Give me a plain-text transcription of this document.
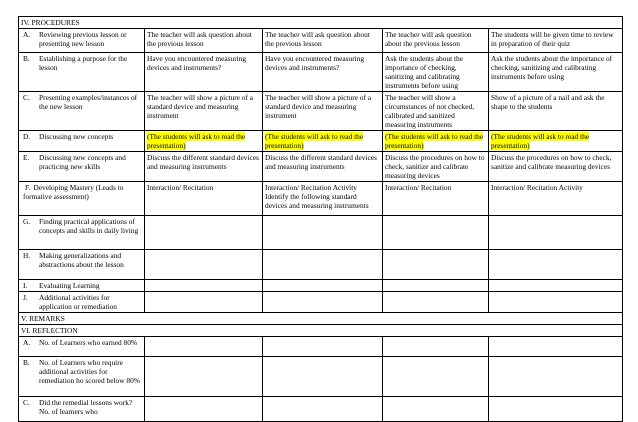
IV. PROCEDURES				

A. Reviewing previous lesson or presenting new lesson	The teacher will ask question about the previous lesson	The teacher will ask question about the previous lesson	The teacher will ask question about the previous lesson	The students will be given time to review in preparation of their quiz

B. Establishing a purpose for the lesson	Have you encountered measuring devices and instruments?	Have you encountered measuring devices and instruments?	Ask the students about the importance of checking, sanitizing and calibrating instruments before using	Ask the students about the importance of checking, sanitizing and calibrating instruments before using

C. Presenting examples/instances of the new lesson	The teacher will show a picture of a standard device and measuring instrument	The teacher will show a picture of a standard device and measuring instrument	The teacher will show a circumstances of not checked, calibrated and sanitized measuring instruments	Show of a picture of a nail and ask the shape to the students

D. Discussing new concepts	(The students will ask to read the presentation)	(The students will ask to read the presentation)	(The students will ask to read the presentation)	(The students will ask to read the presentation)

E. Discussing new concepts and practicing new skills	Discuss the different standard devices and measuring instruments	Discuss the different standard devices and measuring instruments	Discuss the procedures on how to check, sanitize and calibrate measuring devices	Discuss the procedures on how to check, sanitize and calibrate measuring devices

F. Developing Mastery (Leads to formative assessment)	Interaction/ Recitation	Interaction/ Recitation Activity Identify the following standard devices and measuring instruments	Interaction/ Recitation	Interaction/ Recitation Activity

G. Finding practical applications of concepts and skills in daily living				

H. Making generalizations and abstractions about the lesson				

I. Evaluating Learning				

J. Additional activities for application or remediation				

V. REMARKS				
VI. REFLECTION				

A. No. of Learners who earned 80%				

B. No. of Learners who require additional activities for remediation ho scored below 80%				

C. Did the remedial lessons work? No. of learners who				
